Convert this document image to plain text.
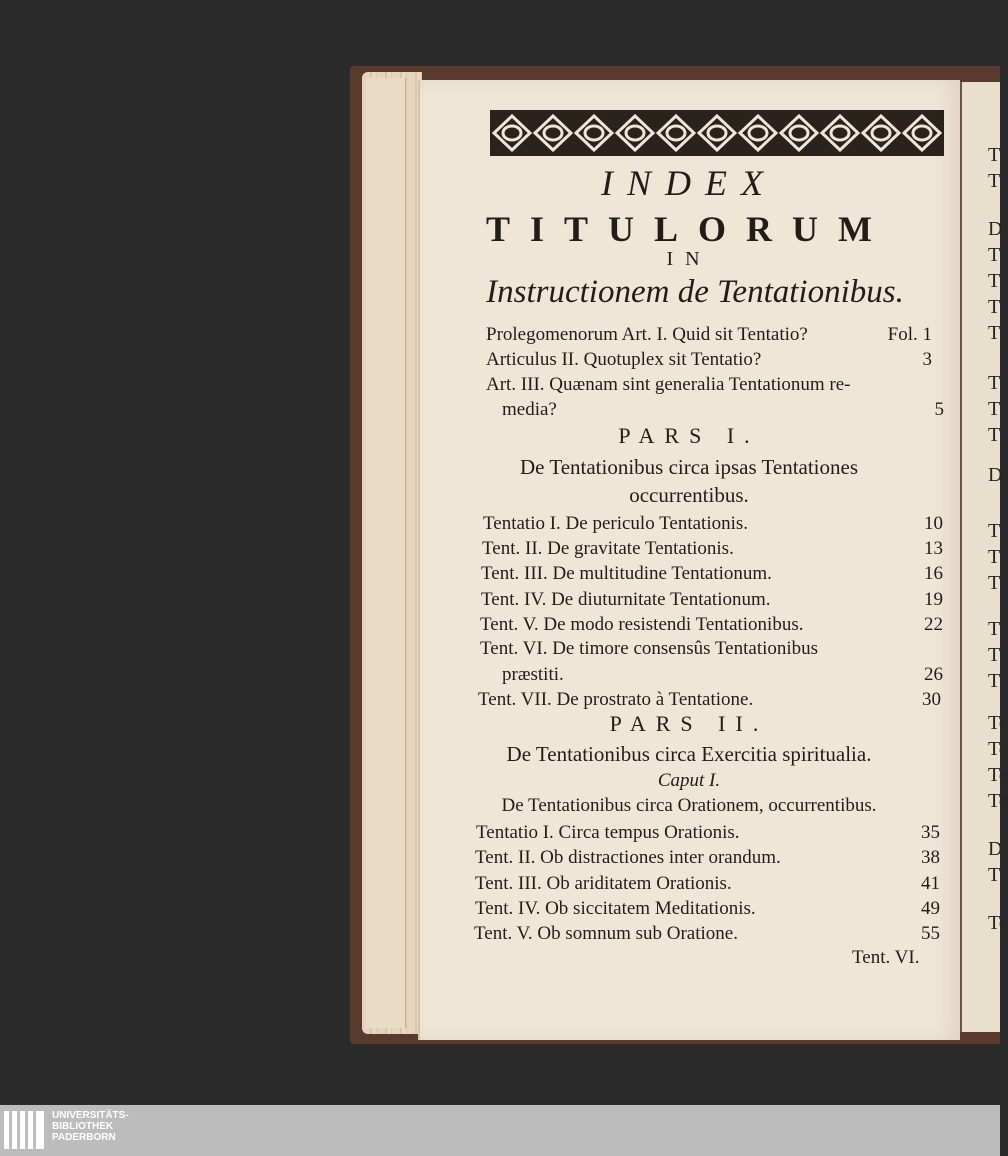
T
T
D
T
T
T
T
T
T
T
D
T
T
T
T
T
T
Te
Te
Te
Te
D
T
Te
INDEX
TITULORUM
IN
Instructionem de Tentationibus.
Prolegomenorum Art. I. Quid sit Tentatio?	Fol. 1
Articulus II. Quotuplex sit Tentatio?	3
Art. III. Quænam sint generalia Tentationum re-
media?	5
PARS I.
De Tentationibus circa ipsas Tentationes
occurrentibus.
Tentatio I. De periculo Tentationis.	10
Tent. II. De gravitate Tentationis.	13
Tent. III. De multitudine Tentationum.	16
Tent. IV. De diuturnitate Tentationum.	19
Tent. V. De modo resistendi Tentationibus.	22
Tent. VI. De timore consensûs Tentationibus
præstiti.	26
Tent. VII. De prostrato à Tentatione.	30
PARS II.
De Tentationibus circa Exercitia spiritualia.
Caput I.
De Tentationibus circa Orationem, occurrentibus.
Tentatio I. Circa tempus Orationis.	35
Tent. II. Ob distractiones inter orandum.	38
Tent. III. Ob ariditatem Orationis.	41
Tent. IV. Ob siccitatem Meditationis.	49
Tent. V. Ob somnum sub Oratione.	55
Tent. VI.
UNIVERSITÄTS-
BIBLIOTHEK
PADERBORN
